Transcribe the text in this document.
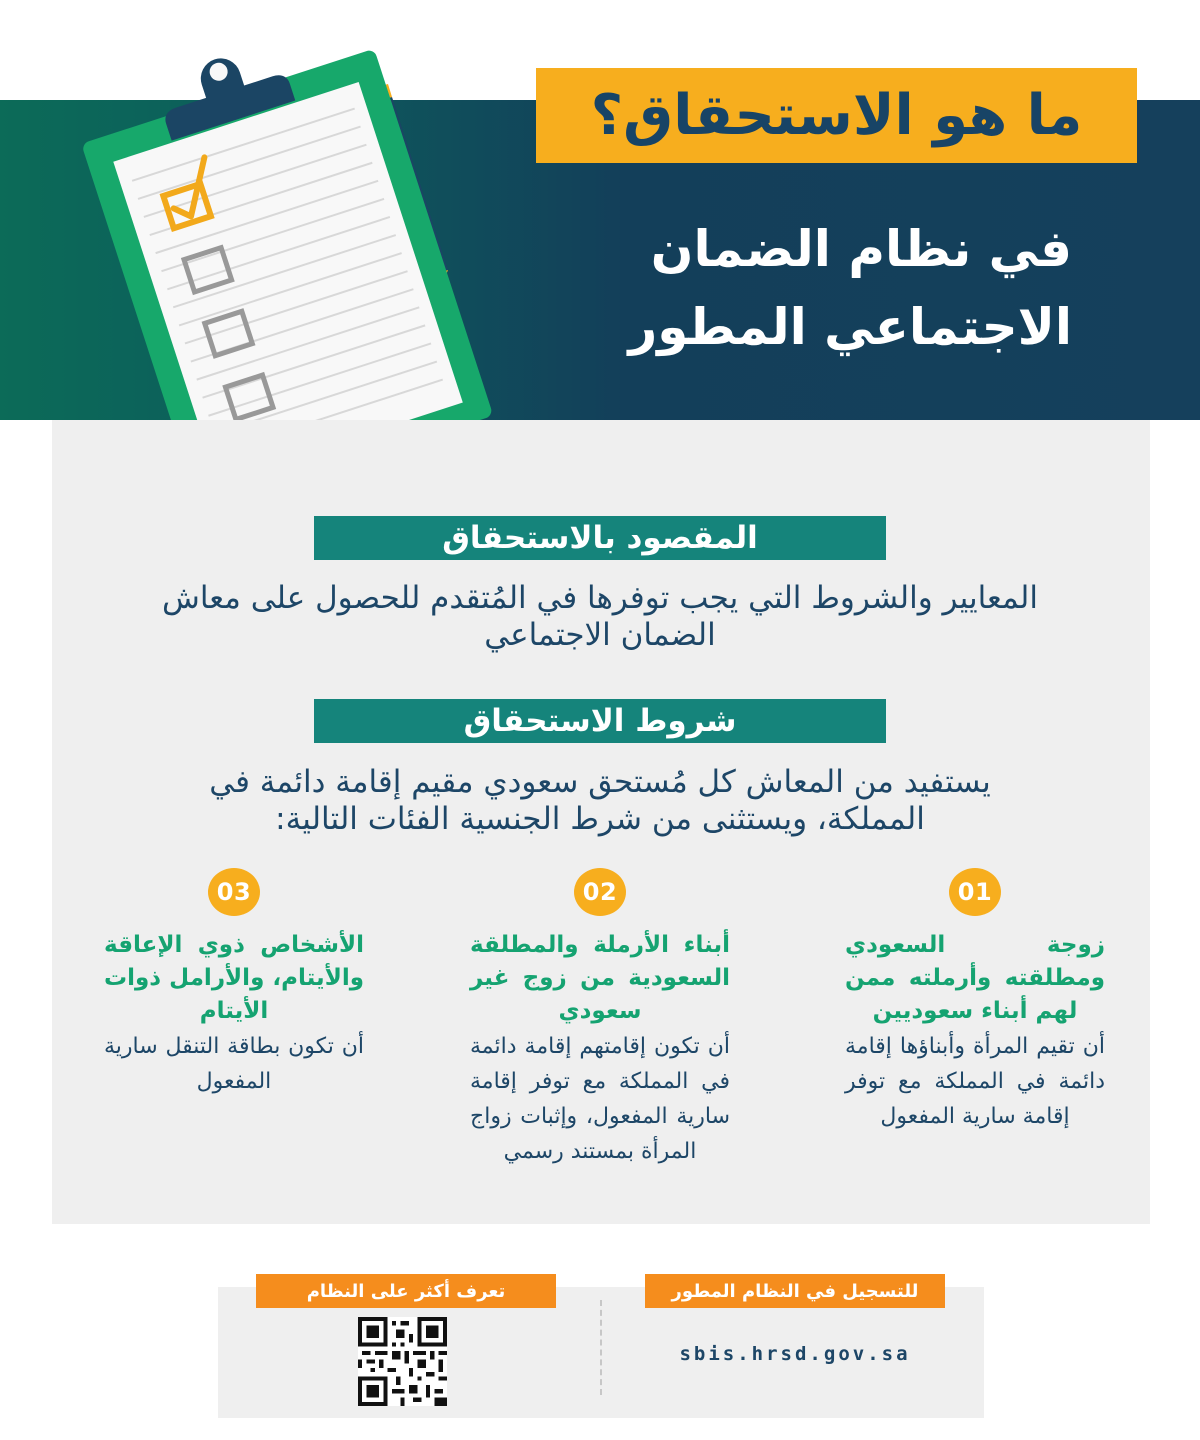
ما هو الاستحقاق؟
في نظام الضمان
الاجتماعي المطور
المقصود بالاستحقاق
المعايير والشروط التي يجب توفرها في المُتقدم للحصول على معاش
الضمان الاجتماعي
شروط الاستحقاق
يستفيد من المعاش كل مُستحق سعودي مقيم إقامة دائمة في
المملكة، ويستثنى من شرط الجنسية الفئات التالية:
01
زوجة السعودي ومطلقته وأرملته ممن لهم أبناء سعوديين
أن تقيم المرأة وأبناؤها إقامة دائمة في المملكة مع توفر إقامة سارية المفعول
02
أبناء الأرملة والمطلقة السعودية من زوج غير سعودي
أن تكون إقامتهم إقامة دائمة في المملكة مع توفر إقامة سارية المفعول، وإثبات زواج المرأة بمستند رسمي
03
الأشخاص ذوي الإعاقة والأيتام، والأرامل ذوات الأيتام
أن تكون بطاقة التنقل سارية المفعول
للتسجيل في النظام المطور
تعرف أكثر على النظام
sbis.hrsd.gov.sa
